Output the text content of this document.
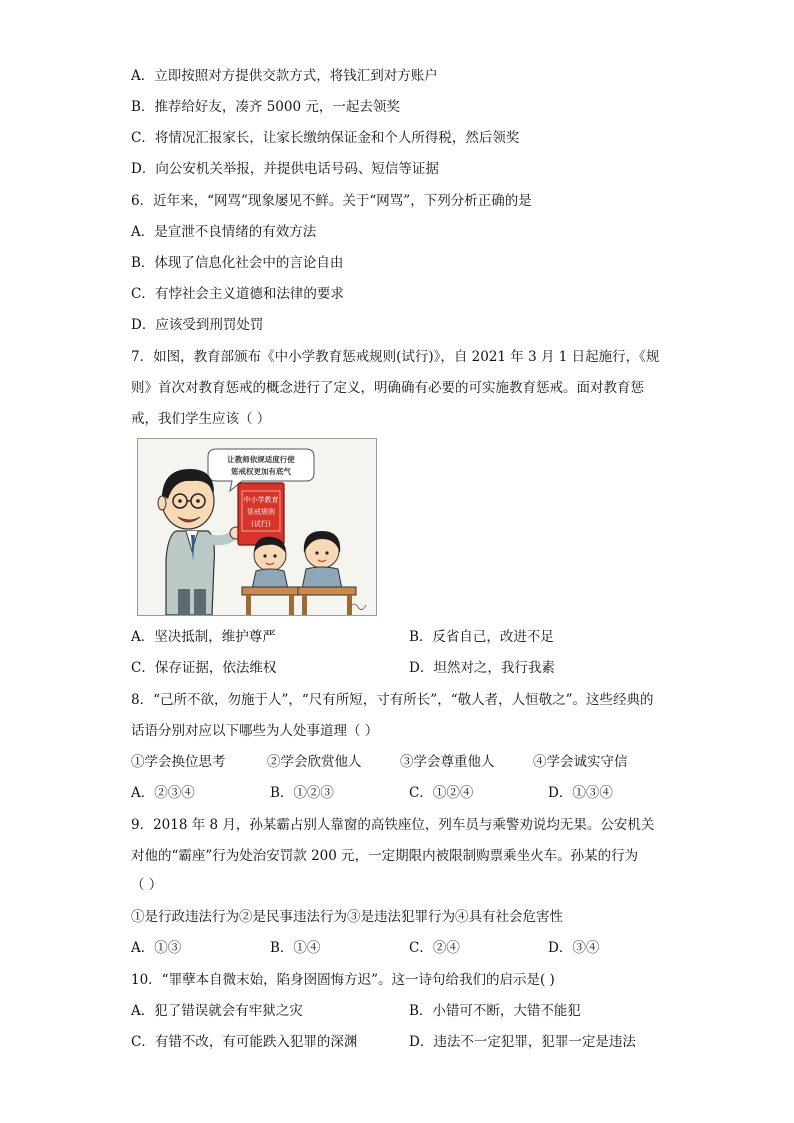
A．立即按照对方提供交款方式，将钱汇到对方账户
B．推荐给好友，凑齐 5000 元，一起去领奖
C．将情况汇报家长，让家长缴纳保证金和个人所得税，然后领奖
D．向公安机关举报，并提供电话号码、短信等证据
6．近年来，“网骂”现象屡见不鲜。关于“网骂”，下列分析正确的是
A．是宣泄不良情绪的有效方法
B．体现了信息化社会中的言论自由
C．有悖社会主义道德和法律的要求
D．应该受到刑罚处罚
7．如图，教育部颁布《中小学教育惩戒规则(试行)》，自 2021 年 3 月 1 日起施行，《规
则》首次对教育惩戒的概念进行了定义，明确确有必要的可实施教育惩戒。面对教育惩
戒，我们学生应该（ ）
让教师依规适度行使
惩戒权更加有底气
中小学教育
惩戒规则
(试行)
A．坚决抵制，维护尊严	B．反省自己，改进不足
C．保存证据，依法维权	D．坦然对之，我行我素
8．“己所不欲，勿施于人”，“尺有所短，寸有所长”，“敬人者，人恒敬之”。这些经典的
话语分别对应以下哪些为人处事道理（ ）
①学会换位思考	②学会欣赏他人	③学会尊重他人	④学会诚实守信
A．②③④	B．①②③	C．①②④	D．①③④
9．2018 年 8 月，孙某霸占别人靠窗的高铁座位，列车员与乘警劝说均无果。公安机关
对他的“霸座”行为处治安罚款 200 元，一定期限内被限制购票乘坐火车。孙某的行为
（ ）
①是行政违法行为②是民事违法行为③是违法犯罪行为④具有社会危害性
A．①③	B．①④	C．②④	D．③④
10．“罪孽本自微末始，陷身囹圄悔方迟”。这一诗句给我们的启示是( )
A．犯了错误就会有牢狱之灾	B．小错可不断，大错不能犯
C．有错不改，有可能跌入犯罪的深渊	D．违法不一定犯罪，犯罪一定是违法
